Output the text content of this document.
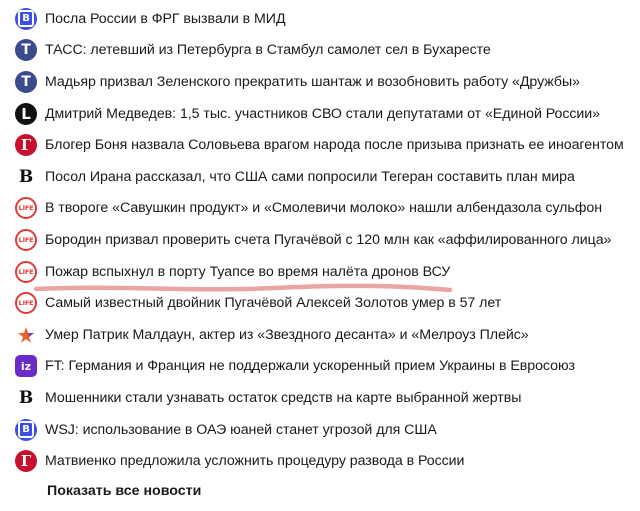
B Посла России в ФРГ вызвали в МИД
T	ТАСС: летевший из Петербурга в Стамбул самолет сел в Бухаресте
T	Мадьяр призвал Зеленского прекратить шантаж и возобновить работу «Дружбы»
L	Дмитрий Медведев: 1,5 тыс. участников СВО стали депутатами от «Единой России»
Г Блогер Боня назвала Соловьева врагом народа после призыва признать ее иноагентом
B Посол Ирана рассказал, что США сами попросили Тегеран составить план мира
LIFE В твороге «Савушкин продукт» и «Смолевичи молоко» нашли албендазола сульфон
LIFE Бородин призвал проверить счета Пугачёвой с 120 млн как «аффилированного лица»
LIFE Пожар вспыхнул в порту Туапсе во время налёта дронов ВСУ
LIFE Самый известный двойник Пугачёвой Алексей Золотов умер в 57 лет
Умер Патрик Малдаун, актер из «Звездного десанта» и «Мелроуз Плейс»
iz FT: Германия и Франция не поддержали ускоренный прием Украины в Евросоюз
B Мошенники стали узнавать остаток средств на карте выбранной жертвы
B WSJ: использование в ОАЭ юаней станет угрозой для США
Г Матвиенко предложила усложнить процедуру развода в России
Показать все новости
